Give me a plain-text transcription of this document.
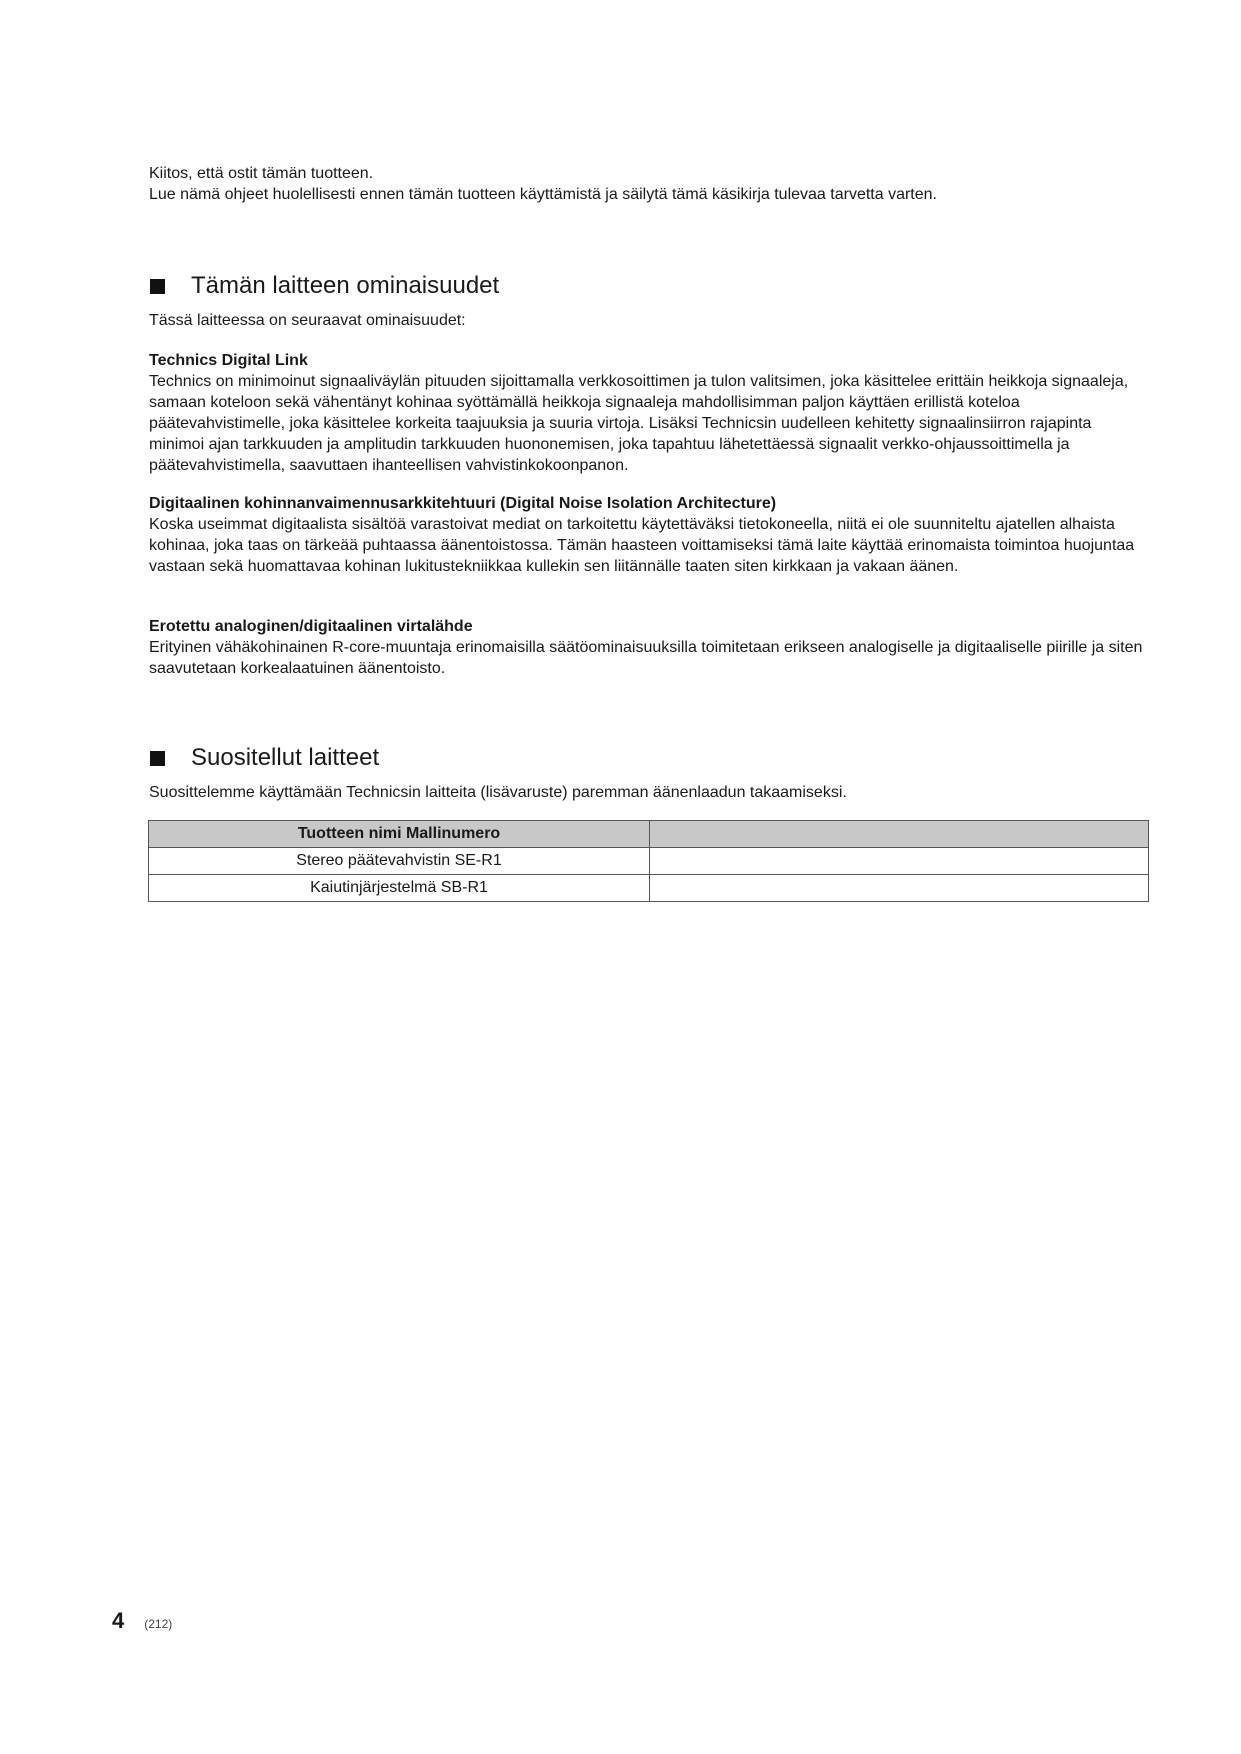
Kiitos, että ostit tämän tuotteen.

Lue nämä ohjeet huolellisesti ennen tämän tuotteen käyttämistä ja säilytä tämä käsikirja tulevaa tarvetta varten.

Tämän laitteen ominaisuudet

Tässä laitteessa on seuraavat ominaisuudet:

Technics Digital Link

Technics on minimoinut signaaliväylän pituuden sijoittamalla verkkosoittimen ja tulon valitsimen, joka käsittelee erittäin heikkoja signaaleja, samaan koteloon sekä vähentänyt kohinaa syöttämällä heikkoja signaaleja mahdollisimman paljon käyttäen erillistä koteloa päätevahvistimelle, joka käsittelee korkeita taajuuksia ja suuria virtoja. Lisäksi Technicsin uudelleen kehitetty signaalinsiirron rajapinta minimoi ajan tarkkuuden ja amplitudin tarkkuuden huononemisen, joka tapahtuu lähetettäessä signaalit verkko-ohjaussoittimella ja päätevahvistimella, saavuttaen ihanteellisen vahvistinkokoonpanon.

Digitaalinen kohinnanvaimennusarkkitehtuuri (Digital Noise Isolation Architecture)

Koska useimmat digitaalista sisältöä varastoivat mediat on tarkoitettu käytettäväksi tietokoneella, niitä ei ole suunniteltu ajatellen alhaista kohinaa, joka taas on tärkeää puhtaassa äänentoistossa. Tämän haasteen voittamiseksi tämä laite käyttää erinomaista toimintoa huojuntaa vastaan sekä huomattavaa kohinan lukitustekniikkaa kullekin sen liitännälle taaten siten kirkkaan ja vakaan äänen.

Erotettu analoginen/digitaalinen virtalähde

Erityinen vähäkohinainen R-core-muuntaja erinomaisilla säätöominaisuuksilla toimitetaan erikseen analogiselle ja digitaaliselle piirille ja siten saavutetaan korkealaatuinen äänentoisto.

Suositellut laitteet

Suosittelemme käyttämään Technicsin laitteita (lisävaruste) paremman äänenlaadun takaamiseksi.

Tuotteen nimi Mallinumero	
Stereo päätevahvistin SE-R1	
Kaiutinjärjestelmä SB-R1	
4 (212)
